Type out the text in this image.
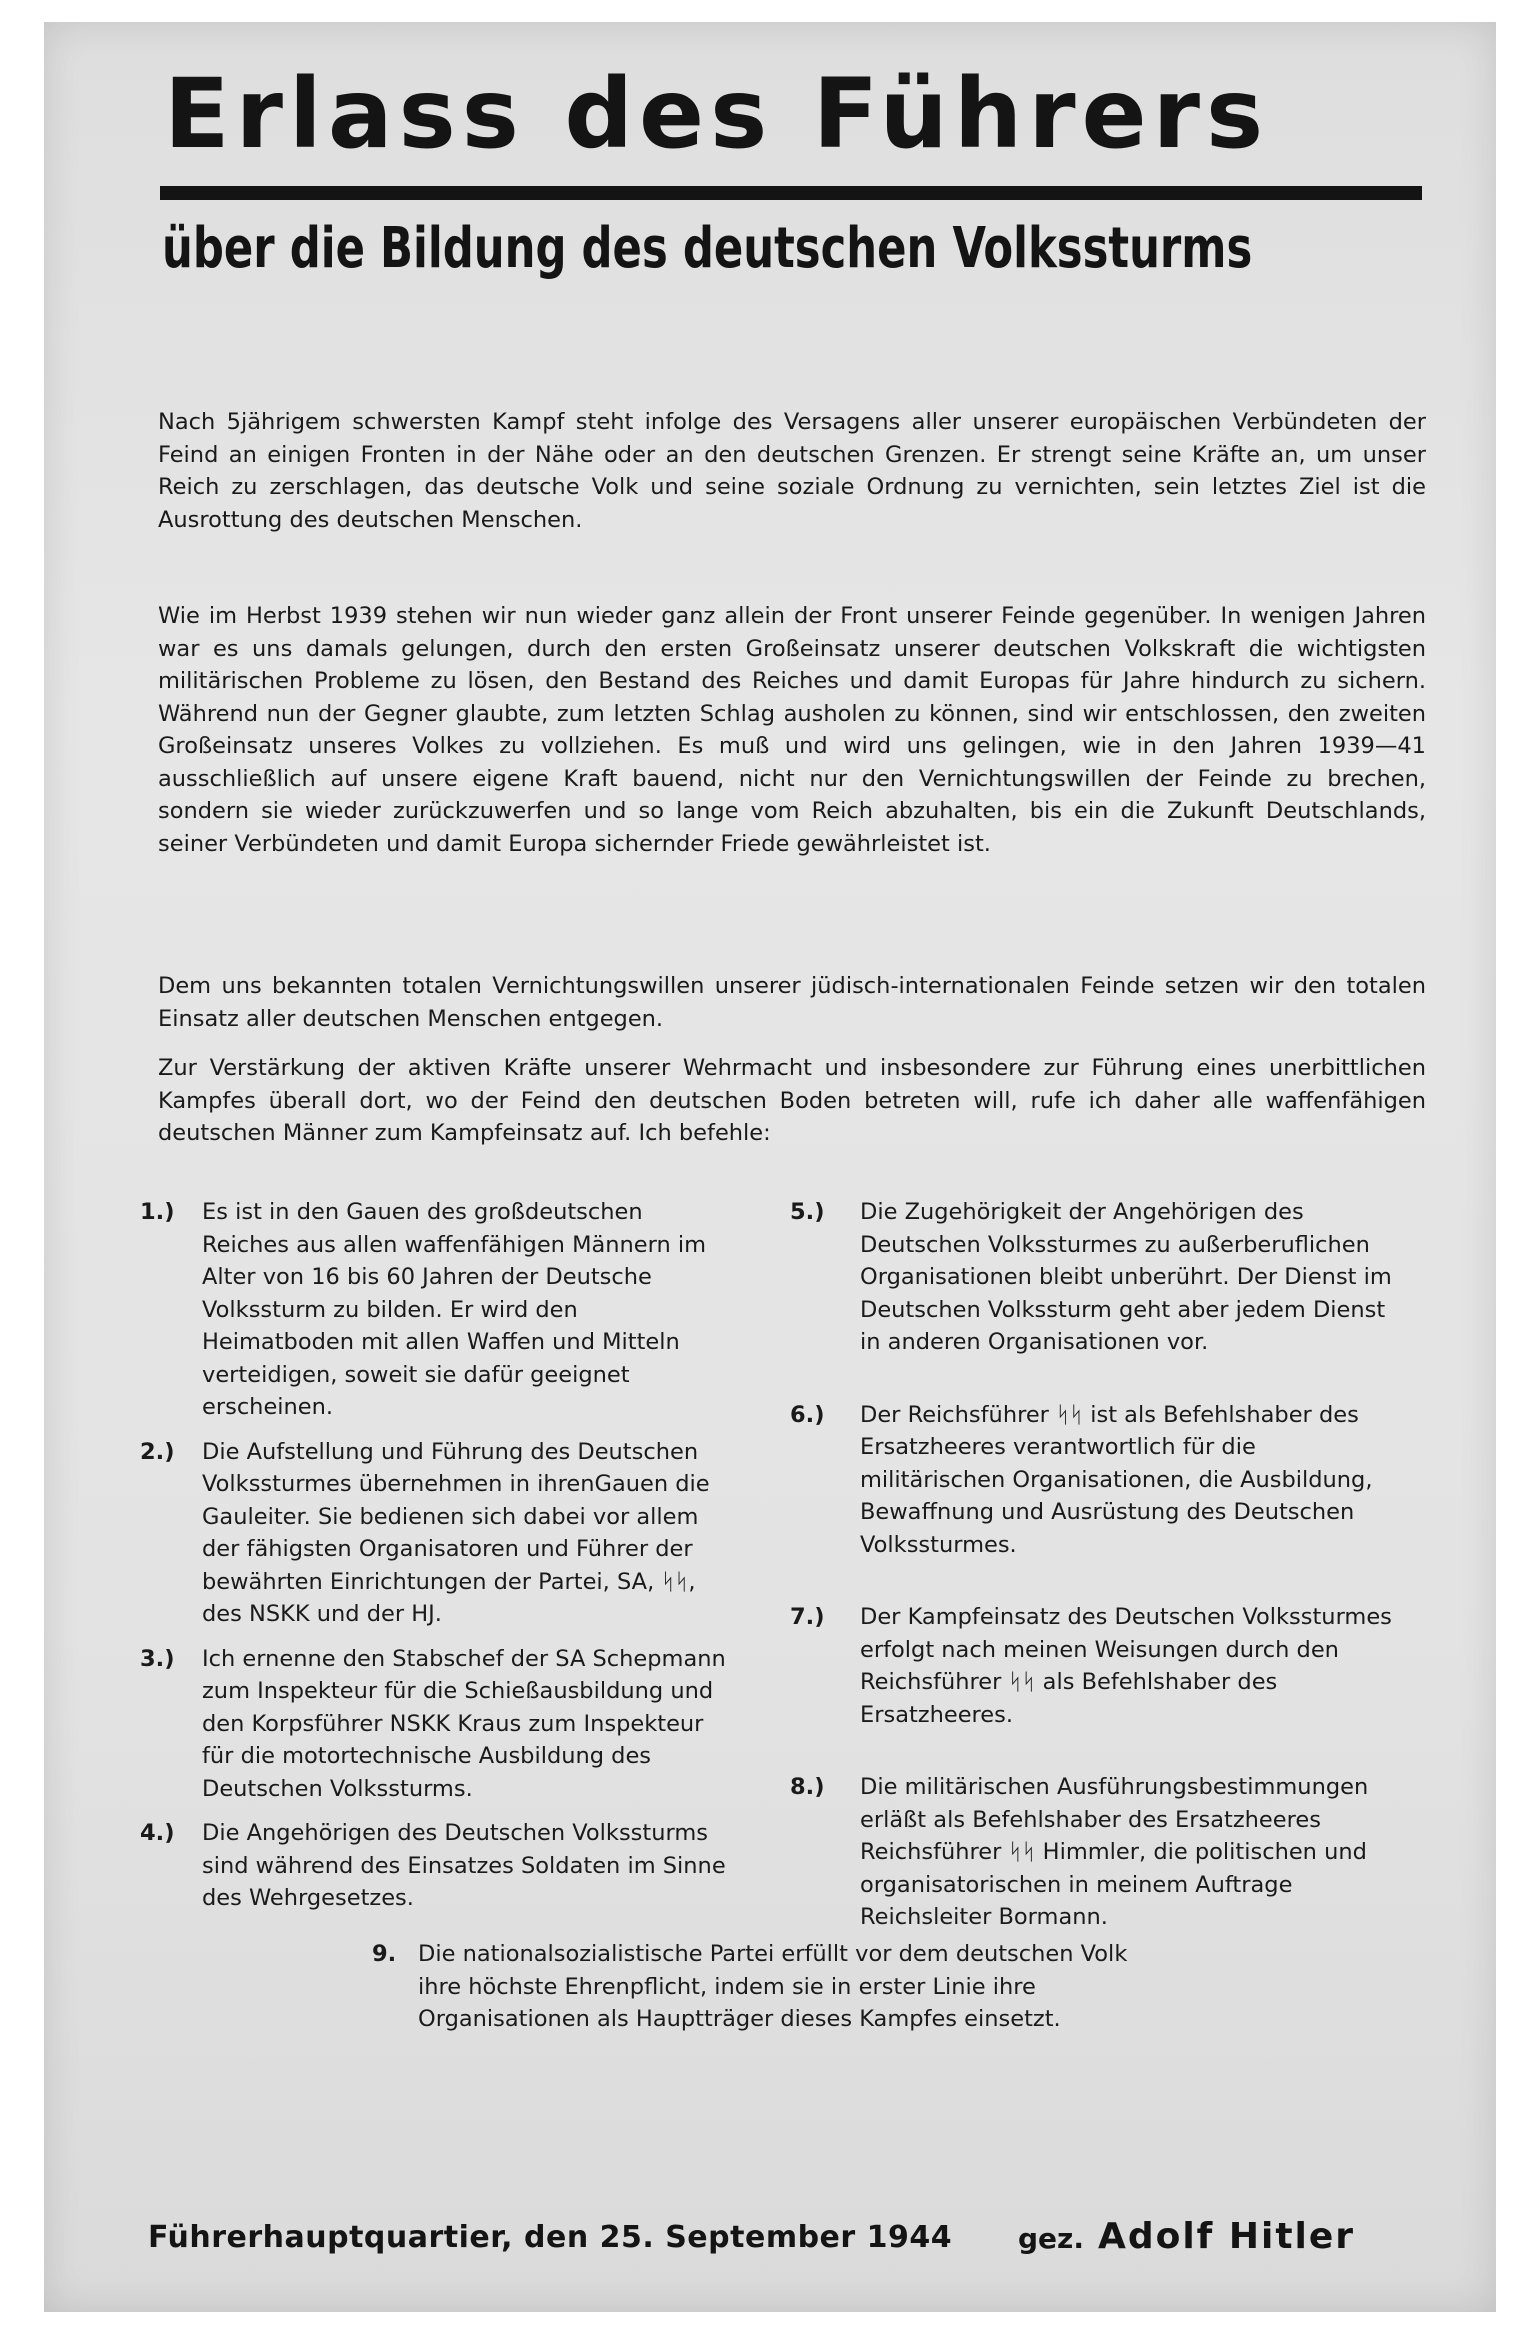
Erlass des Führers
über die Bildung des deutschen Volkssturms
Nach 5jährigem schwersten Kampf steht infolge des Versagens aller unserer europäischen Verbündeten der Feind an einigen Fronten in der Nähe oder an den deutschen Grenzen. Er strengt seine Kräfte an, um unser Reich zu zerschlagen, das deutsche Volk und seine soziale Ordnung zu vernichten, sein letztes Ziel ist die Ausrottung des deutschen Menschen.
Wie im Herbst 1939 stehen wir nun wieder ganz allein der Front unserer Feinde gegenüber. In wenigen Jahren war es uns damals gelungen, durch den ersten Großeinsatz unserer deutschen Volkskraft die wichtigsten militärischen Probleme zu lösen, den Bestand des Reiches und damit Europas für Jahre hindurch zu sichern. Während nun der Gegner glaubte, zum letzten Schlag ausholen zu können, sind wir entschlossen, den zweiten Großeinsatz unseres Volkes zu vollziehen. Es muß und wird uns gelingen, wie in den Jahren 1939—41 ausschließlich auf unsere eigene Kraft bauend, nicht nur den Vernichtungswillen der Feinde zu brechen, sondern sie wieder zurückzuwerfen und so lange vom Reich abzuhalten, bis ein die Zukunft Deutschlands, seiner Verbündeten und damit Europa sichernder Friede gewährleistet ist.
Dem uns bekannten totalen Vernichtungswillen unserer jüdisch-internationalen Feinde setzen wir den totalen Einsatz aller deutschen Menschen entgegen.
Zur Verstärkung der aktiven Kräfte unserer Wehrmacht und insbesondere zur Führung eines unerbittlichen Kampfes überall dort, wo der Feind den deutschen Boden betreten will, rufe ich daher alle waffenfähigen deutschen Männer zum Kampfeinsatz auf. Ich befehle:
1.)	Es ist in den Gauen des großdeutschen Reiches aus allen waffenfähigen Männern im Alter von 16 bis 60 Jahren der Deutsche Volkssturm zu bilden. Er wird den Heimatboden mit allen Waffen und Mitteln verteidigen, soweit sie dafür geeignet erscheinen.
2.)	Die Aufstellung und Führung des Deutschen Volkssturmes übernehmen in ihrenGauen die Gauleiter. Sie bedienen sich dabei vor allem der fähigsten Organisatoren und Führer der bewährten Einrichtungen der Partei, SA, ᛋᛋ, des NSKK und der HJ.
3.)	Ich ernenne den Stabschef der SA Schepmann zum Inspekteur für die Schießausbildung und den Korpsführer NSKK Kraus zum Inspekteur für die motortechnische Ausbildung des Deutschen Volkssturms.
4.)	Die Angehörigen des Deutschen Volkssturms sind während des Einsatzes Soldaten im Sinne des Wehrgesetzes.
5.)	Die Zugehörigkeit der Angehörigen des Deutschen Volkssturmes zu außerberuflichen Organisationen bleibt unberührt. Der Dienst im Deutschen Volkssturm geht aber jedem Dienst in anderen Organisationen vor.
6.)	Der Reichsführer ᛋᛋ ist als Befehlshaber des Ersatzheeres verantwortlich für die militärischen Organisationen, die Ausbildung, Bewaffnung und Ausrüstung des Deutschen Volkssturmes.
7.)	Der Kampfeinsatz des Deutschen Volkssturmes erfolgt nach meinen Weisungen durch den Reichsführer ᛋᛋ als Befehlshaber des Ersatzheeres.
8.)	Die militärischen Ausführungsbestimmungen erläßt als Befehlshaber des Ersatzheeres Reichsführer ᛋᛋ Himmler, die politischen und organisatorischen in meinem Auftrage Reichsleiter Bormann.
9. Die nationalsozialistische Partei erfüllt vor dem deutschen Volk ihre höchste Ehrenpflicht, indem sie in erster Linie ihre Organisationen als Hauptträger dieses Kampfes einsetzt.
Führerhauptquartier, den 25. September 1944 gez. Adolf Hitler
